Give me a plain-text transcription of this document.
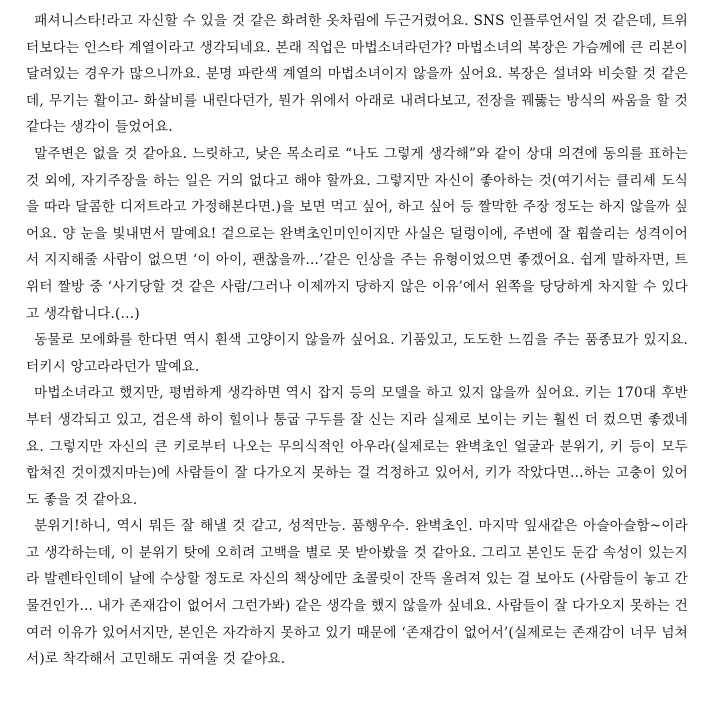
패셔니스타!라고 자신할 수 있을 것 같은 화려한 옷차림에 두근거렸어요. SNS 인플루언서일 것 같은데, 트위터보다는 인스타 계열이라고 생각되네요. 본래 직업은 마법소녀라던가? 마법소녀의 복장은 가슴께에 큰 리본이 달려있는 경우가 많으니까요. 분명 파란색 계열의 마법소녀이지 않을까 싶어요. 복장은 설녀와 비슷할 것 같은데, 무기는 활이고- 화살비를 내린다던가, 뭔가 위에서 아래로 내려다보고, 전장을 꿰뚫는 방식의 싸움을 할 것 같다는 생각이 들었어요.

말주변은 없을 것 같아요. 느릿하고, 낮은 목소리로 “나도 그렇게 생각해”와 같이 상대 의견에 동의를 표하는 것 외에, 자기주장을 하는 일은 거의 없다고 해야 할까요. 그렇지만 자신이 좋아하는 것(여기서는 클리셰 도식을 따라 달콤한 디저트라고 가정해본다면.)을 보면 먹고 싶어, 하고 싶어 등 짤막한 주장 정도는 하지 않을까 싶어요. 양 눈을 빛내면서 말예요! 겉으로는 완벽초인미인이지만 사실은 덜렁이에, 주변에 잘 휩쓸리는 성격이어서 지지해줄 사람이 없으면 ‘이 아이, 괜찮을까…’같은 인상을 주는 유형이었으면 좋겠어요. 쉽게 말하자면, 트위터 짤방 중 ‘사기당할 것 같은 사람/그러나 이제까지 당하지 않은 이유’에서 왼쪽을 당당하게 차지할 수 있다고 생각합니다.(…)

동물로 모에화를 한다면 역시 흰색 고양이지 않을까 싶어요. 기품있고, 도도한 느낌을 주는 품종묘가 있지요. 터키시 앙고라라던가 말예요.

마법소녀라고 했지만, 평범하게 생각하면 역시 잡지 등의 모델을 하고 있지 않을까 싶어요. 키는 170대 후반부터 생각되고 있고, 검은색 하이 힐이나 통굽 구두를 잘 신는 지라 실제로 보이는 키는 훨씬 더 컸으면 좋겠네요. 그렇지만 자신의 큰 키로부터 나오는 무의식적인 아우라(실제로는 완벽초인 얼굴과 분위기, 키 등이 모두 합쳐진 것이겠지마는)에 사람들이 잘 다가오지 못하는 걸 걱정하고 있어서, 키가 작았다면…하는 고충이 있어도 좋을 것 같아요.

분위기!하니, 역시 뭐든 잘 해낼 것 같고, 성적만능. 품행우수. 완벽초인. 마지막 잎새같은 아슬아슬함~이라고 생각하는데, 이 분위기 탓에 오히려 고백을 별로 못 받아봤을 것 같아요. 그리고 본인도 둔감 속성이 있는지라 발렌타인데이 날에 수상할 정도로 자신의 책상에만 초콜릿이 잔뜩 올려져 있는 걸 보아도 (사람들이 놓고 간 물건인가… 내가 존재감이 없어서 그런가봐) 같은 생각을 했지 않을까 싶네요. 사람들이 잘 다가오지 못하는 건 여러 이유가 있어서지만, 본인은 자각하지 못하고 있기 때문에 ‘존재감이 없어서’(실제로는 존재감이 너무 넘쳐서)로 착각해서 고민해도 귀여울 것 같아요.
